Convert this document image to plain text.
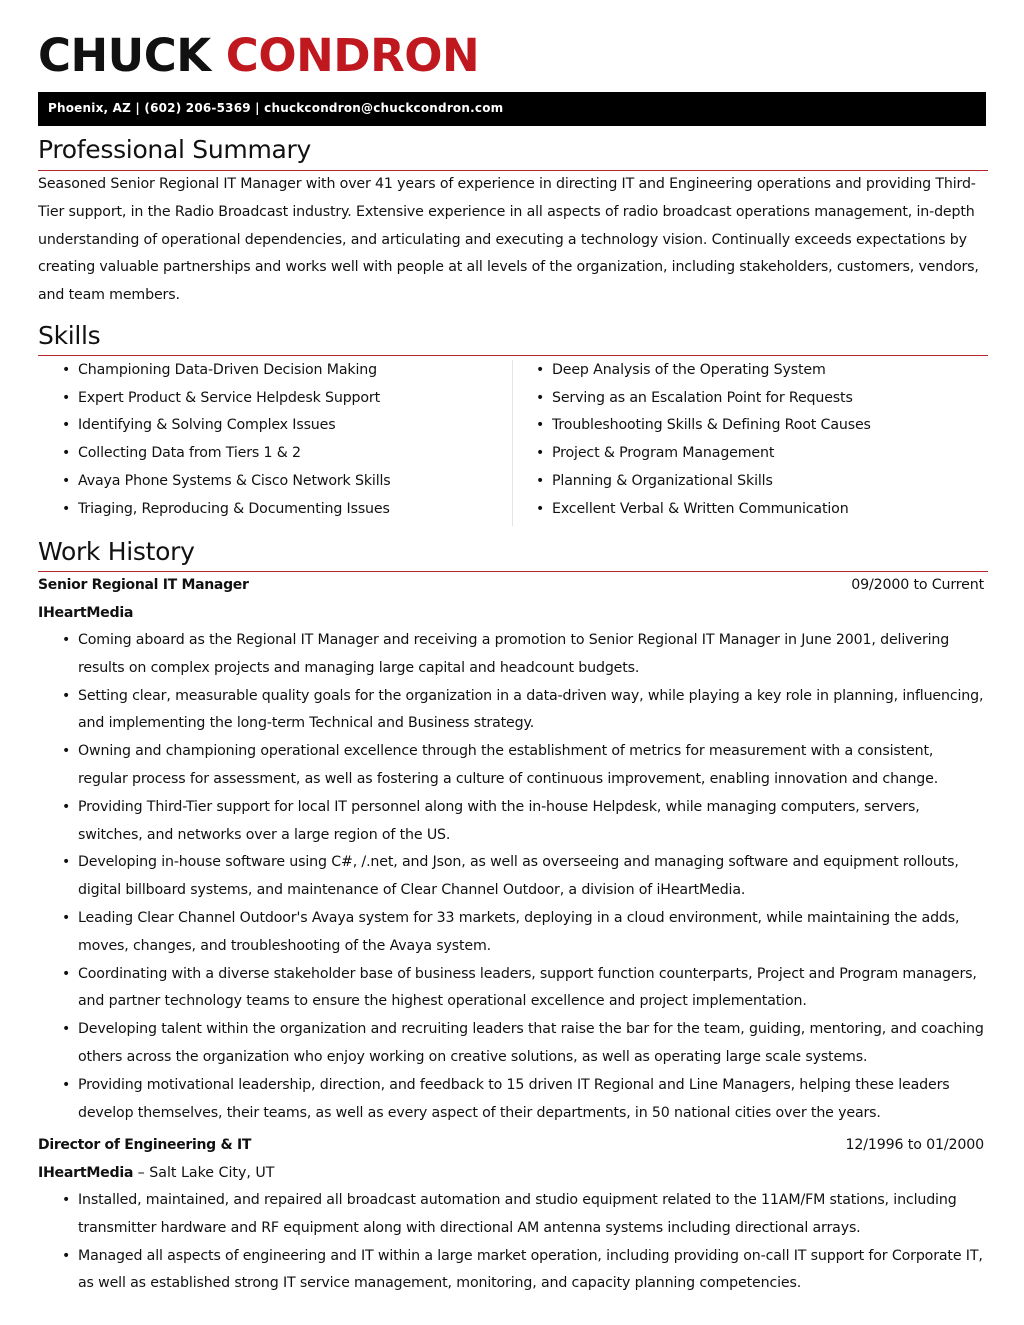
CHUCK CONDRON
Phoenix, AZ | (602) 206-5369 | chuckcondron@chuckcondron.com
Professional Summary
Seasoned Senior Regional IT Manager with over 41 years of experience in directing IT and Engineering operations and providing Third-Tier support, in the Radio Broadcast industry. Extensive experience in all aspects of radio broadcast operations management, in-depth understanding of operational dependencies, and articulating and executing a technology vision. Continually exceeds expectations by creating valuable partnerships and works well with people at all levels of the organization, including stakeholders, customers, vendors, and team members.
Skills
• Championing Data-Driven Decision Making
• Expert Product & Service Helpdesk Support
• Identifying & Solving Complex Issues
• Collecting Data from Tiers 1 & 2
• Avaya Phone Systems & Cisco Network Skills
• Triaging, Reproducing & Documenting Issues
• Deep Analysis of the Operating System
• Serving as an Escalation Point for Requests
• Troubleshooting Skills & Defining Root Causes
• Project & Program Management
• Planning & Organizational Skills
• Excellent Verbal & Written Communication
Work History
Senior Regional IT Manager	09/2000 to Current
IHeartMedia
• Coming aboard as the Regional IT Manager and receiving a promotion to Senior Regional IT Manager in June 2001, delivering results on complex projects and managing large capital and headcount budgets.
• Setting clear, measurable quality goals for the organization in a data-driven way, while playing a key role in planning, influencing, and implementing the long-term Technical and Business strategy.
• Owning and championing operational excellence through the establishment of metrics for measurement with a consistent, regular process for assessment, as well as fostering a culture of continuous improvement, enabling innovation and change.
• Providing Third-Tier support for local IT personnel along with the in-house Helpdesk, while managing computers, servers, switches, and networks over a large region of the US.
• Developing in-house software using C#, /.net, and Json, as well as overseeing and managing software and equipment rollouts, digital billboard systems, and maintenance of Clear Channel Outdoor, a division of iHeartMedia.
• Leading Clear Channel Outdoor's Avaya system for 33 markets, deploying in a cloud environment, while maintaining the adds, moves, changes, and troubleshooting of the Avaya system.
• Coordinating with a diverse stakeholder base of business leaders, support function counterparts, Project and Program managers, and partner technology teams to ensure the highest operational excellence and project implementation.
• Developing talent within the organization and recruiting leaders that raise the bar for the team, guiding, mentoring, and coaching others across the organization who enjoy working on creative solutions, as well as operating large scale systems.
• Providing motivational leadership, direction, and feedback to 15 driven IT Regional and Line Managers, helping these leaders develop themselves, their teams, as well as every aspect of their departments, in 50 national cities over the years.
Director of Engineering & IT	12/1996 to 01/2000
IHeartMedia – Salt Lake City, UT
• Installed, maintained, and repaired all broadcast automation and studio equipment related to the 11AM/FM stations, including transmitter hardware and RF equipment along with directional AM antenna systems including directional arrays.
• Managed all aspects of engineering and IT within a large market operation, including providing on-call IT support for Corporate IT, as well as established strong IT service management, monitoring, and capacity planning competencies.
